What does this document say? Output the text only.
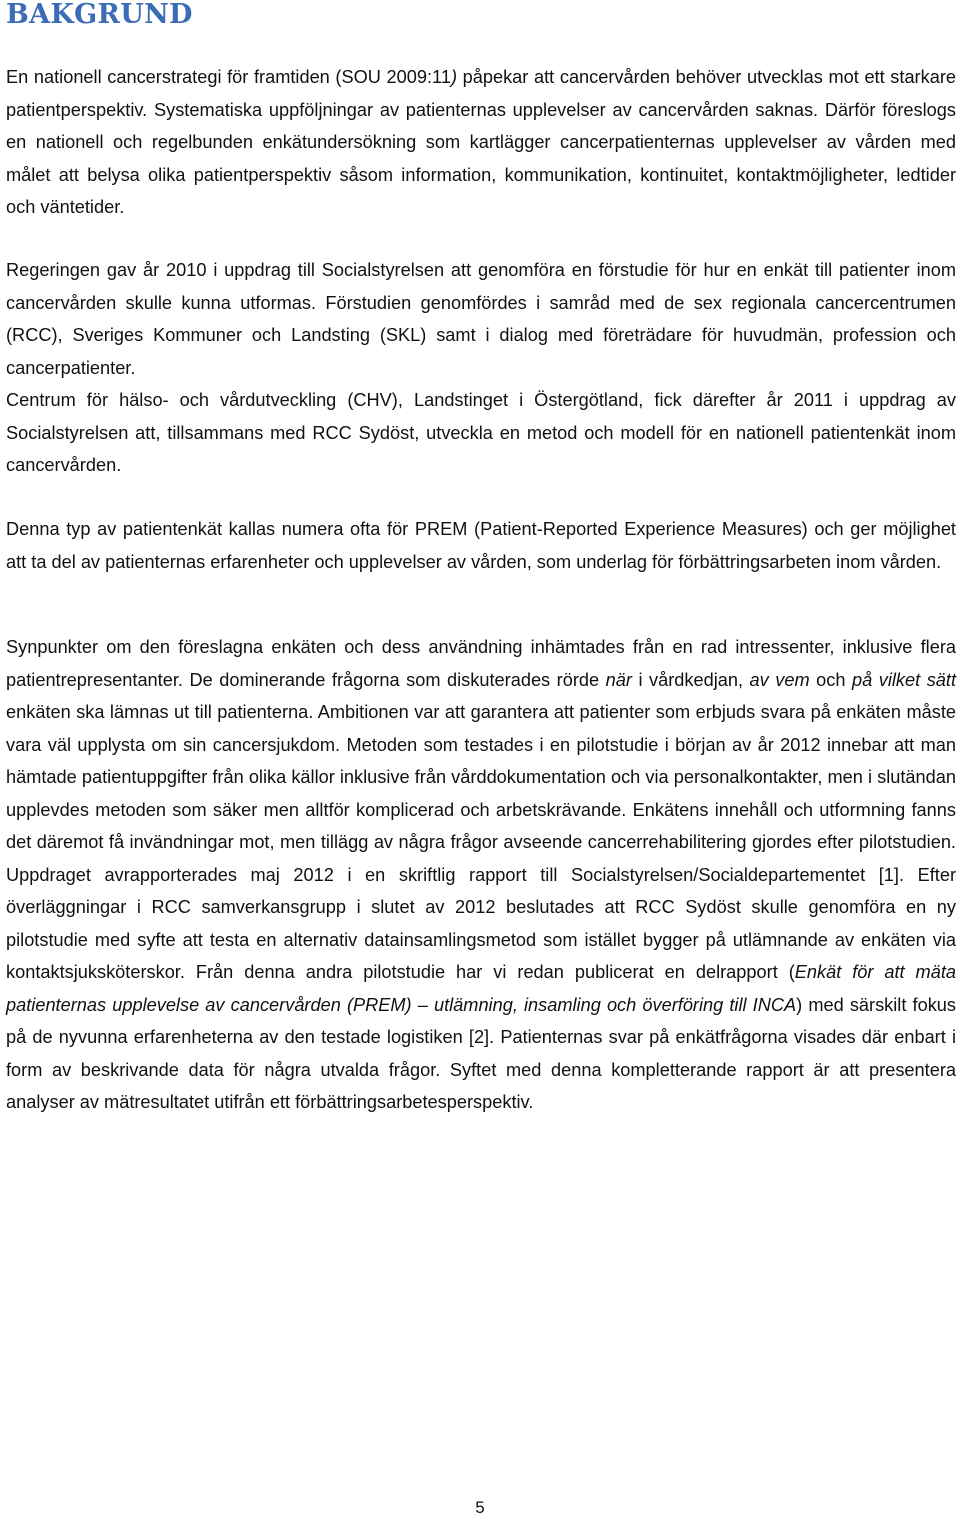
BAKGRUND

En nationell cancerstrategi för framtiden (SOU 2009:11) påpekar att cancervården behöver utvecklas mot ett starkare patientperspektiv. Systematiska uppföljningar av patienternas upplevelser av cancervården saknas. Därför föreslogs en nationell och regelbunden enkätundersökning som kartlägger cancerpatienternas upplevelser av vården med målet att belysa olika patientperspektiv såsom information, kommunikation, kontinuitet, kontaktmöjligheter, ledtider och väntetider.

Regeringen gav år 2010 i uppdrag till Socialstyrelsen att genomföra en förstudie för hur en enkät till patienter inom cancervården skulle kunna utformas. Förstudien genomfördes i samråd med de sex regionala cancercentrumen (RCC), Sveriges Kommuner och Landsting (SKL) samt i dialog med företrädare för huvudmän, profession och cancerpatienter.

Centrum för hälso- och vårdutveckling (CHV), Landstinget i Östergötland, fick därefter år 2011 i uppdrag av Socialstyrelsen att, tillsammans med RCC Sydöst, utveckla en metod och modell för en nationell patientenkät inom cancervården.

Denna typ av patientenkät kallas numera ofta för PREM (Patient-Reported Experience Measures) och ger möjlighet att ta del av patienternas erfarenheter och upplevelser av vården, som underlag för förbättringsarbeten inom vården.

Synpunkter om den föreslagna enkäten och dess användning inhämtades från en rad intressenter, inklusive flera patientrepresentanter. De dominerande frågorna som diskuterades rörde när i vårdkedjan, av vem och på vilket sätt enkäten ska lämnas ut till patienterna. Ambitionen var att garantera att patienter som erbjuds svara på enkäten måste vara väl upplysta om sin cancersjukdom. Metoden som testades i en pilotstudie i början av år 2012 innebar att man hämtade patientuppgifter från olika källor inklusive från vårddokumentation och via personalkontakter, men i slutändan upplevdes metoden som säker men alltför komplicerad och arbetskrävande. Enkätens innehåll och utformning fanns det däremot få invändningar mot, men tillägg av några frågor avseende cancerrehabilitering gjordes efter pilotstudien. Uppdraget avrapporterades maj 2012 i en skriftlig rapport till Socialstyrelsen/Socialdepartementet [1]. Efter överläggningar i RCC samverkansgrupp i slutet av 2012 beslutades att RCC Sydöst skulle genomföra en ny pilotstudie med syfte att testa en alternativ datainsamlingsmetod som istället bygger på utlämnande av enkäten via kontaktsjuksköterskor. Från denna andra pilotstudie har vi redan publicerat en delrapport (Enkät för att mäta patienternas upplevelse av cancervården (PREM) – utlämning, insamling och överföring till INCA) med särskilt fokus på de nyvunna erfarenheterna av den testade logistiken [2]. Patienternas svar på enkätfrågorna visades där enbart i form av beskrivande data för några utvalda frågor. Syftet med denna kompletterande rapport är att presentera analyser av mätresultatet utifrån ett förbättringsarbetesperspektiv.

5
